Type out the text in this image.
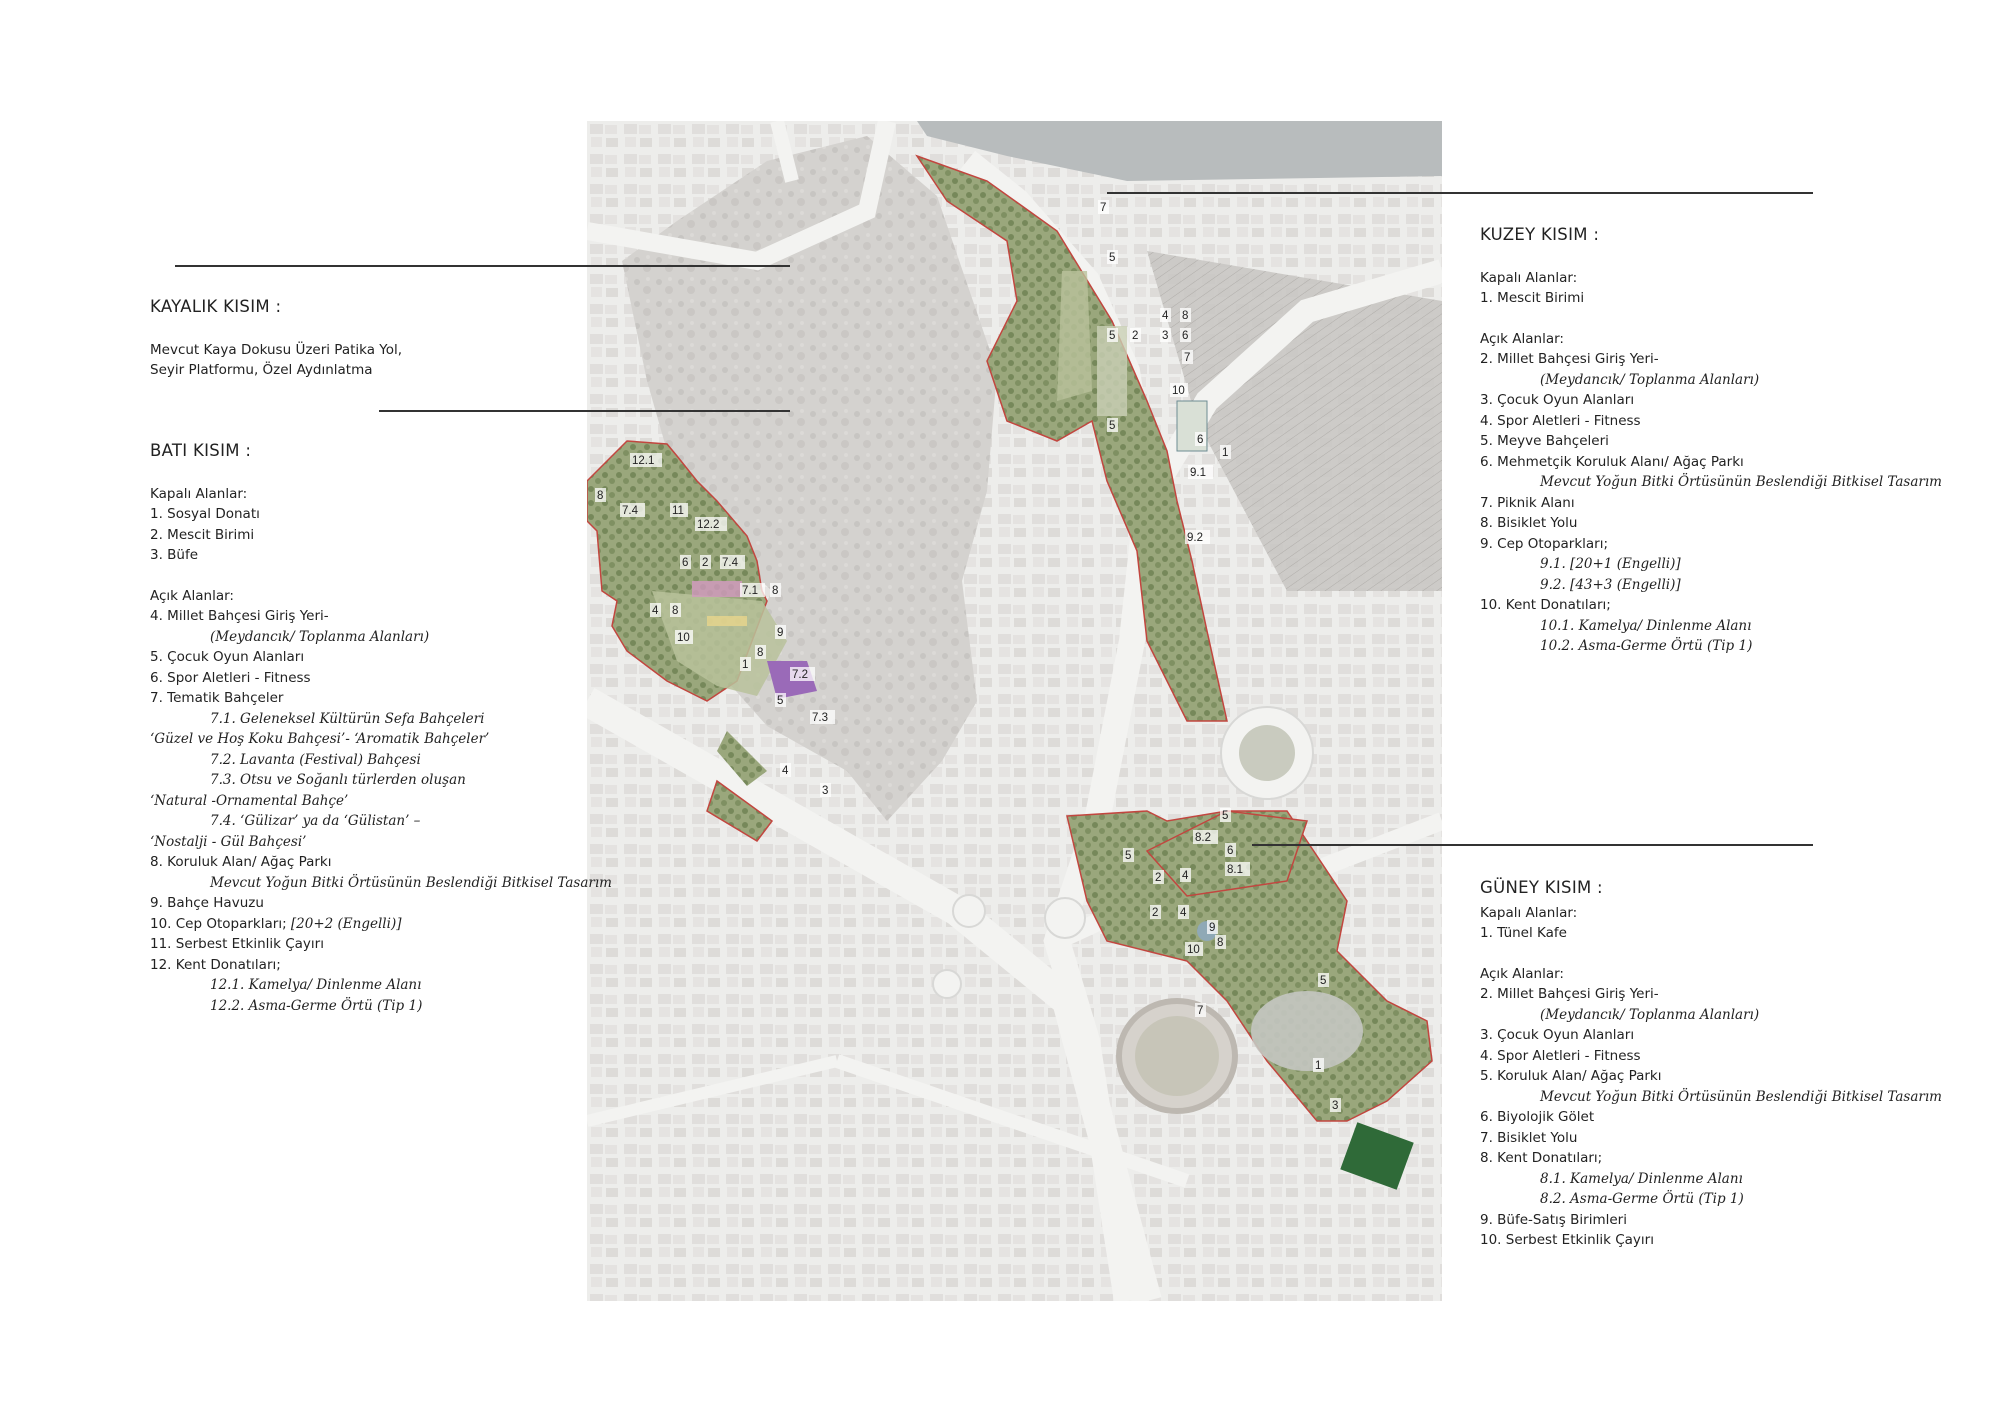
12.1
8
7.4	11
12.2
6 2 7.4
7.1 8
4 8
9
8
10
1
7.2
5
7.3
4
3
7
5
5 2 3
4 8
6
7
10
5
6
1
9.1
9.2
5
8.2
6
5
8.1
2 4
2 4
9
8
10
5
7
1
3
KAYALIK KISIM :
Mevcut Kaya Dokusu Üzeri Patika Yol,
Seyir Platformu, Özel Aydınlatma
BATI KISIM :
Kapalı Alanlar:
1. Sosyal Donatı
2. Mescit Birimi
3. Büfe
Açık Alanlar:
4. Millet Bahçesi Giriş Yeri-
(Meydancık/ Toplanma Alanları)
5. Çocuk Oyun Alanları
6. Spor Aletleri - Fitness
7. Tematik Bahçeler
7.1. Geleneksel Kültürün Sefa Bahçeleri
‘Güzel ve Hoş Koku Bahçesi’- ‘Aromatik Bahçeler’
7.2. Lavanta (Festival) Bahçesi
7.3. Otsu ve Soğanlı türlerden oluşan
‘Natural -Ornamental Bahçe’
7.4. ‘Gülizar’ ya da ‘Gülistan’ –
‘Nostalji - Gül Bahçesi’
8. Koruluk Alan/ Ağaç Parkı
Mevcut Yoğun Bitki Örtüsünün Beslendiği Bitkisel Tasarım
9. Bahçe Havuzu
10. Cep Otoparkları; [20+2 (Engelli)]
11. Serbest Etkinlik Çayırı
12. Kent Donatıları;
12.1. Kamelya/ Dinlenme Alanı
12.2. Asma-Germe Örtü (Tip 1)
KUZEY KISIM :
Kapalı Alanlar:
1. Mescit Birimi
Açık Alanlar:
2. Millet Bahçesi Giriş Yeri-
(Meydancık/ Toplanma Alanları)
3. Çocuk Oyun Alanları
4. Spor Aletleri - Fitness
5. Meyve Bahçeleri
6. Mehmetçik Koruluk Alanı/ Ağaç Parkı
Mevcut Yoğun Bitki Örtüsünün Beslendiği Bitkisel Tasarım
7. Piknik Alanı
8. Bisiklet Yolu
9. Cep Otoparkları;
9.1. [20+1 (Engelli)]
9.2. [43+3 (Engelli)]
10. Kent Donatıları;
10.1. Kamelya/ Dinlenme Alanı
10.2. Asma-Germe Örtü (Tip 1)
GÜNEY KISIM :
Kapalı Alanlar:
1. Tünel Kafe
Açık Alanlar:
2. Millet Bahçesi Giriş Yeri-
(Meydancık/ Toplanma Alanları)
3. Çocuk Oyun Alanları
4. Spor Aletleri - Fitness
5. Koruluk Alan/ Ağaç Parkı
Mevcut Yoğun Bitki Örtüsünün Beslendiği Bitkisel Tasarım
6. Biyolojik Gölet
7. Bisiklet Yolu
8. Kent Donatıları;
8.1. Kamelya/ Dinlenme Alanı
8.2. Asma-Germe Örtü (Tip 1)
9. Büfe-Satış Birimleri
10. Serbest Etkinlik Çayırı
